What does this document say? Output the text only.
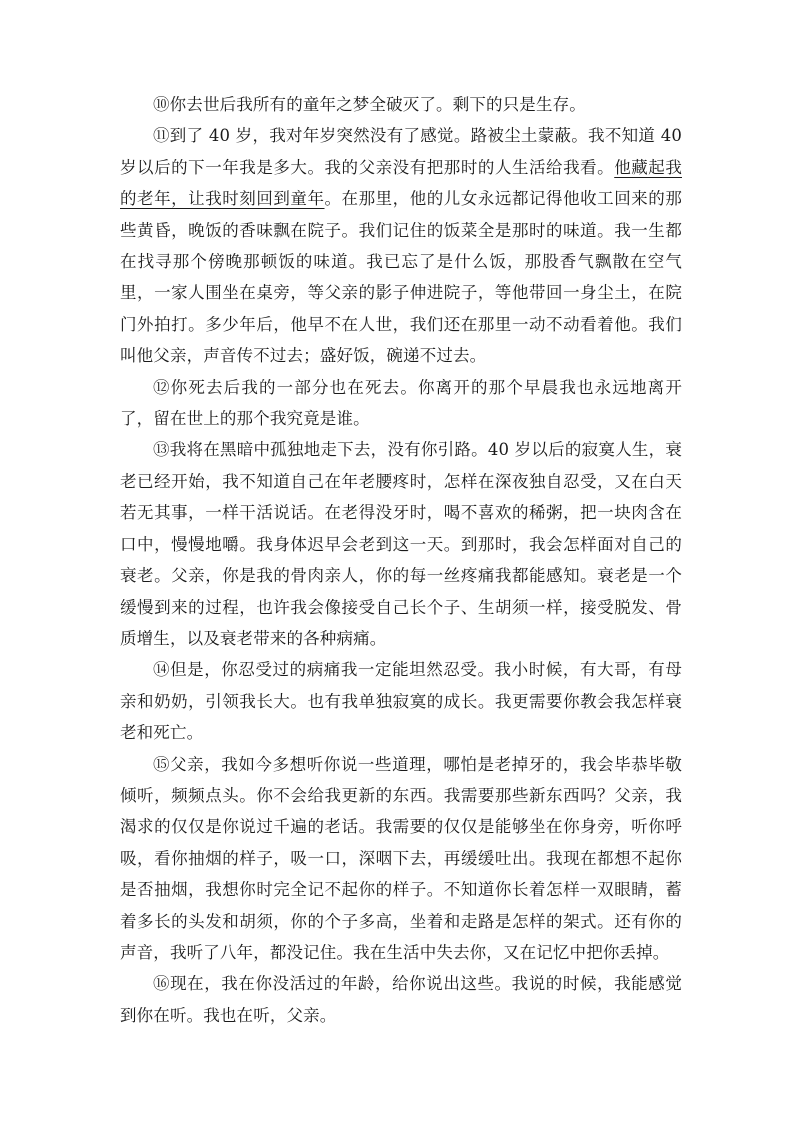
⑩你去世后我所有的童年之梦全破灭了。剩下的只是生存。

⑪到了 40 岁，我对年岁突然没有了感觉。路被尘土蒙蔽。我不知道 40 岁以后的下一年我是多大。我的父亲没有把那时的人生活给我看。他藏起我的老年，让我时刻回到童年。在那里，他的儿女永远都记得他收工回来的那些黄昏，晚饭的香味飘在院子。我们记住的饭菜全是那时的味道。我一生都在找寻那个傍晚那顿饭的味道。我已忘了是什么饭，那股香气飘散在空气里，一家人围坐在桌旁，等父亲的影子伸进院子，等他带回一身尘土，在院门外拍打。多少年后，他早不在人世，我们还在那里一动不动看着他。我们叫他父亲，声音传不过去；盛好饭，碗递不过去。

⑫你死去后我的一部分也在死去。你离开的那个早晨我也永远地离开了，留在世上的那个我究竟是谁。

⑬我将在黑暗中孤独地走下去，没有你引路。40 岁以后的寂寞人生，衰老已经开始，我不知道自己在年老腰疼时，怎样在深夜独自忍受，又在白天若无其事，一样干活说话。在老得没牙时，喝不喜欢的稀粥，把一块肉含在口中，慢慢地嚼。我身体迟早会老到这一天。到那时，我会怎样面对自己的衰老。父亲，你是我的骨肉亲人，你的每一丝疼痛我都能感知。衰老是一个缓慢到来的过程，也许我会像接受自己长个子、生胡须一样，接受脱发、骨质增生，以及衰老带来的各种病痛。

⑭但是，你忍受过的病痛我一定能坦然忍受。我小时候，有大哥，有母亲和奶奶，引领我长大。也有我单独寂寞的成长。我更需要你教会我怎样衰老和死亡。

⑮父亲，我如今多想听你说一些道理，哪怕是老掉牙的，我会毕恭毕敬倾听，频频点头。你不会给我更新的东西。我需要那些新东西吗？父亲，我渴求的仅仅是你说过千遍的老话。我需要的仅仅是能够坐在你身旁，听你呼吸，看你抽烟的样子，吸一口，深咽下去，再缓缓吐出。我现在都想不起你是否抽烟，我想你时完全记不起你的样子。不知道你长着怎样一双眼睛，蓄着多长的头发和胡须，你的个子多高，坐着和走路是怎样的架式。还有你的声音，我听了八年，都没记住。我在生活中失去你，又在记忆中把你丢掉。

⑯现在，我在你没活过的年龄，给你说出这些。我说的时候，我能感觉到你在听。我也在听，父亲。
